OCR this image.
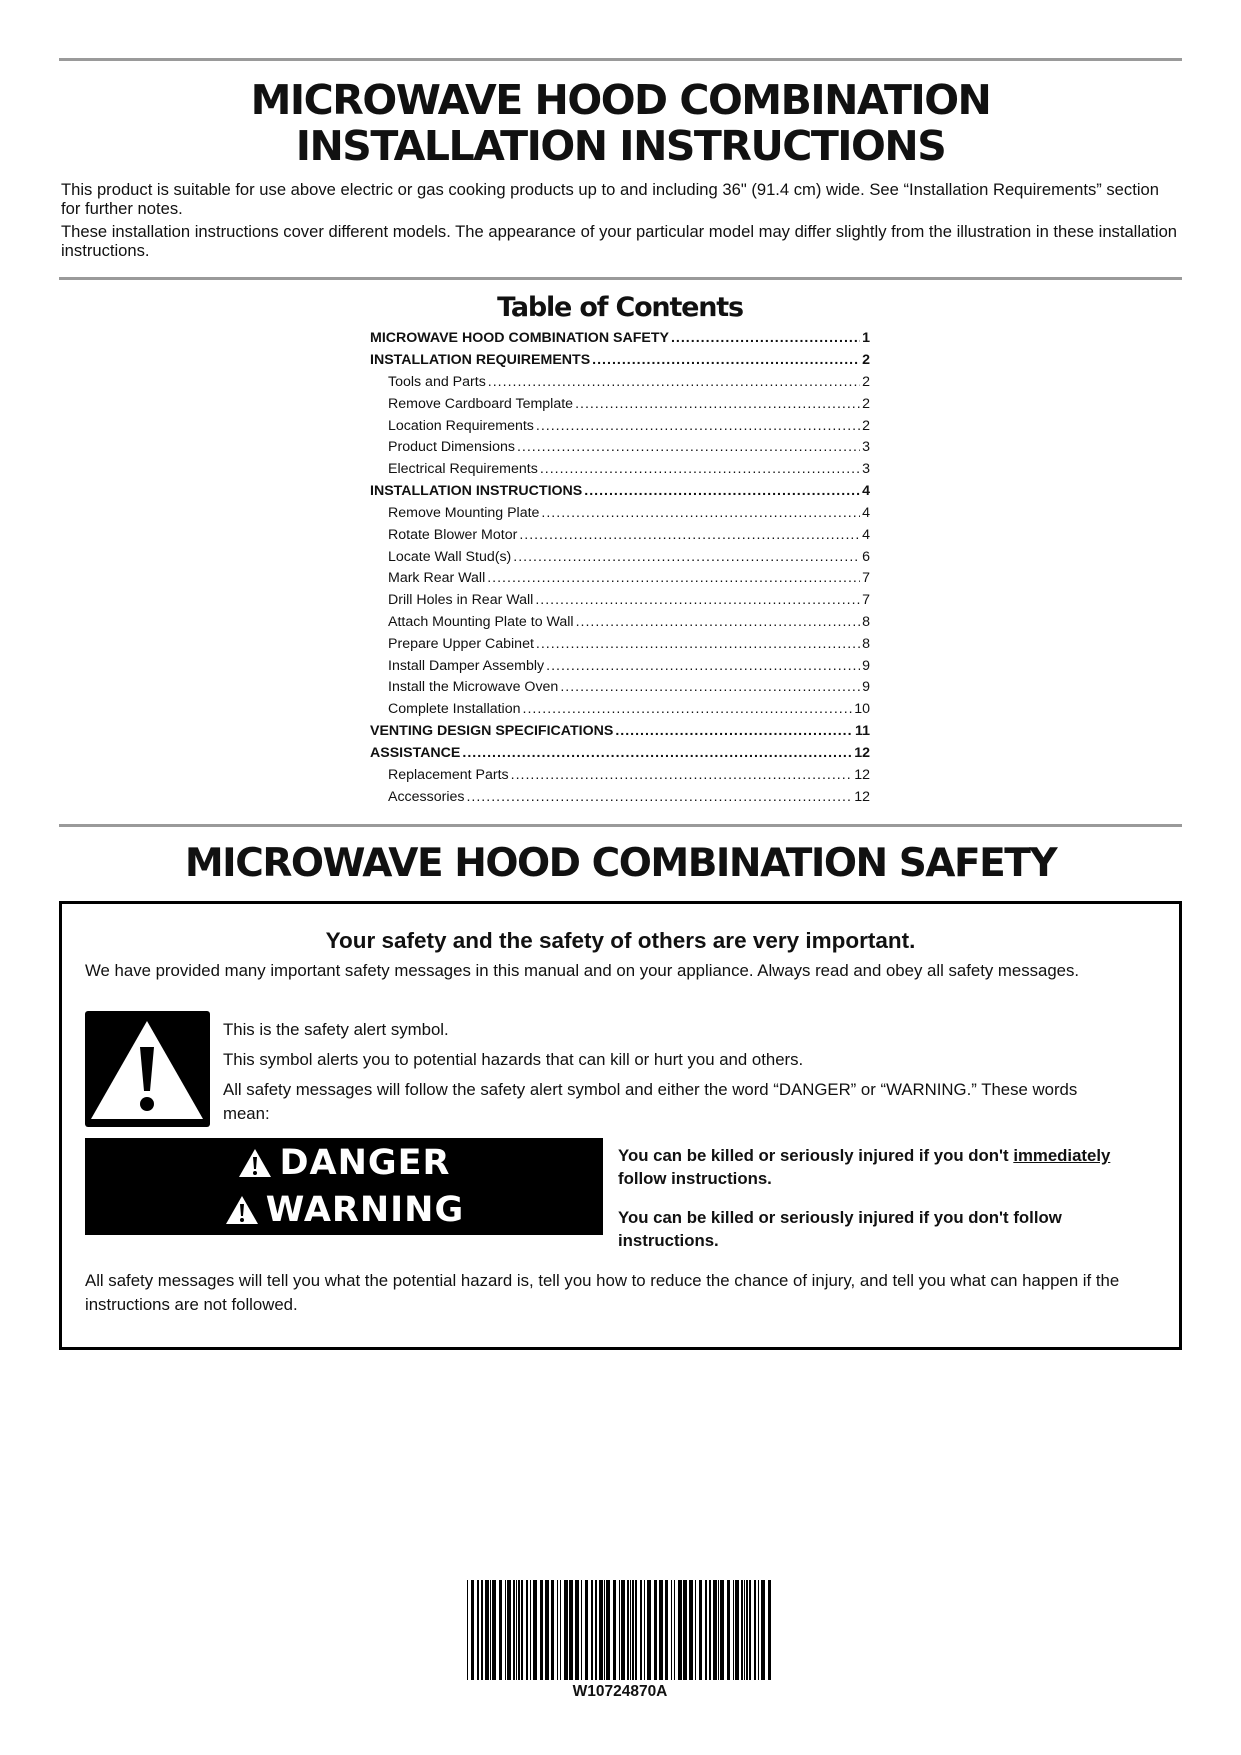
MICROWAVE HOOD COMBINATION
INSTALLATION INSTRUCTIONS

This product is suitable for use above electric or gas cooking products up to and including 36" (91.4 cm) wide. See “Installation Requirements” section for further notes.

These installation instructions cover different models. The appearance of your particular model may differ slightly from the illustration in these installation instructions.

Table of Contents
MICROWAVE HOOD COMBINATION SAFETY .....	1
INSTALLATION REQUIREMENTS .....	2
Tools and Parts .....	2
Remove Cardboard Template .....	2
Location Requirements .....	2
Product Dimensions .....	3
Electrical Requirements .....	3
INSTALLATION INSTRUCTIONS .....	4
Remove Mounting Plate .....	4
Rotate Blower Motor .....	4
Locate Wall Stud(s) .....	6
Mark Rear Wall .....	7
Drill Holes in Rear Wall .....	7
Attach Mounting Plate to Wall .....	8
Prepare Upper Cabinet .....	8
Install Damper Assembly .....	9
Install the Microwave Oven .....	9
Complete Installation .....	10
VENTING DESIGN SPECIFICATIONS .....	11
ASSISTANCE .....	12
Replacement Parts .....	12
Accessories .....	12
MICROWAVE HOOD COMBINATION SAFETY

Your safety and the safety of others are very important.

We have provided many important safety messages in this manual and on your appliance. Always read and obey all safety messages.

This is the safety alert symbol.

This symbol alerts you to potential hazards that can kill or hurt you and others.

All safety messages will follow the safety alert symbol and either the word “DANGER” or “WARNING.” These words mean:

DANGER	You can be killed or seriously injured if you don't immediately follow instructions.

WARNING	You can be killed or seriously injured if you don't follow instructions.

All safety messages will tell you what the potential hazard is, tell you how to reduce the chance of injury, and tell you what can happen if the instructions are not followed.

W10724870A
